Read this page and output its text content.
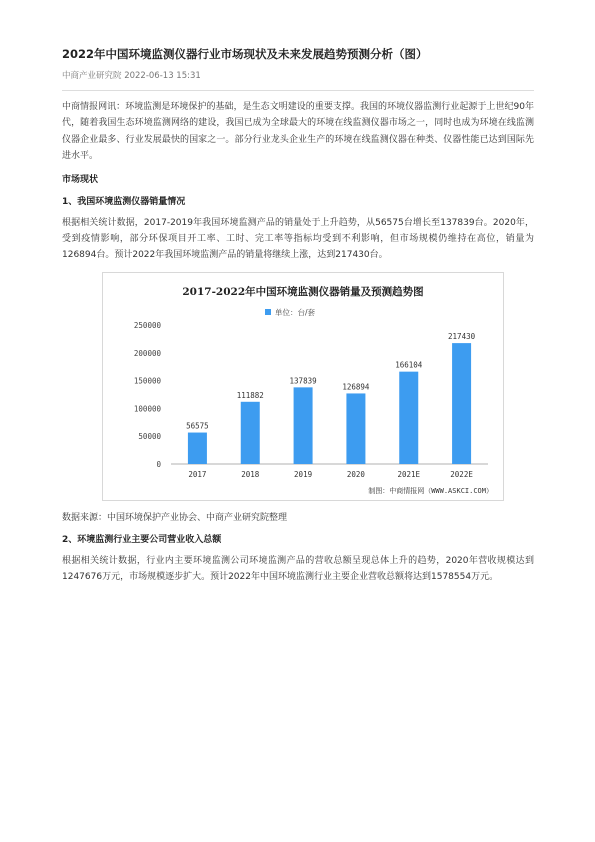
2022年中国环境监测仪器行业市场现状及未来发展趋势预测分析（图）
中商产业研究院 2022-06-13 15:31

中商情报网讯：环境监测是环境保护的基础，是生态文明建设的重要支撑。我国的环境仪器监测行业起源于上世纪90年代，随着我国生态环境监测网络的建设，我国已成为全球最大的环境在线监测仪器市场之一，同时也成为环境在线监测仪器企业最多、行业发展最快的国家之一。部分行业龙头企业生产的环境在线监测仪器在种类、仪器性能已达到国际先进水平。

市场现状
1、我国环境监测仪器销量情况

根据相关统计数据，2017-2019年我国环境监测产品的销量处于上升趋势，从56575台增长至137839台。2020年，受到疫情影响，部分环保项目开工率、工时、完工率等指标均受到不利影响，但市场规模仍维持在高位，销量为126894台。预计2022年我国环境监测产品的销量将继续上涨，达到217430台。

2017-2022年中国环境监测仪器销量及预测趋势图
单位：台/套
0
50000
100000
150000
200000
250000
56575
2017
111882
2018
137839
2019
126894
2020
166104
2021E
217430
2022E
制图：中商情报网（WWW.ASKCI.COM）
数据来源：中国环境保护产业协会、中商产业研究院整理
2、环境监测行业主要公司营业收入总额

根据相关统计数据，行业内主要环境监测公司环境监测产品的营收总额呈现总体上升的趋势，2020年营收规模达到1247676万元，市场规模逐步扩大。预计2022年中国环境监测行业主要企业营收总额将达到1578554万元。
